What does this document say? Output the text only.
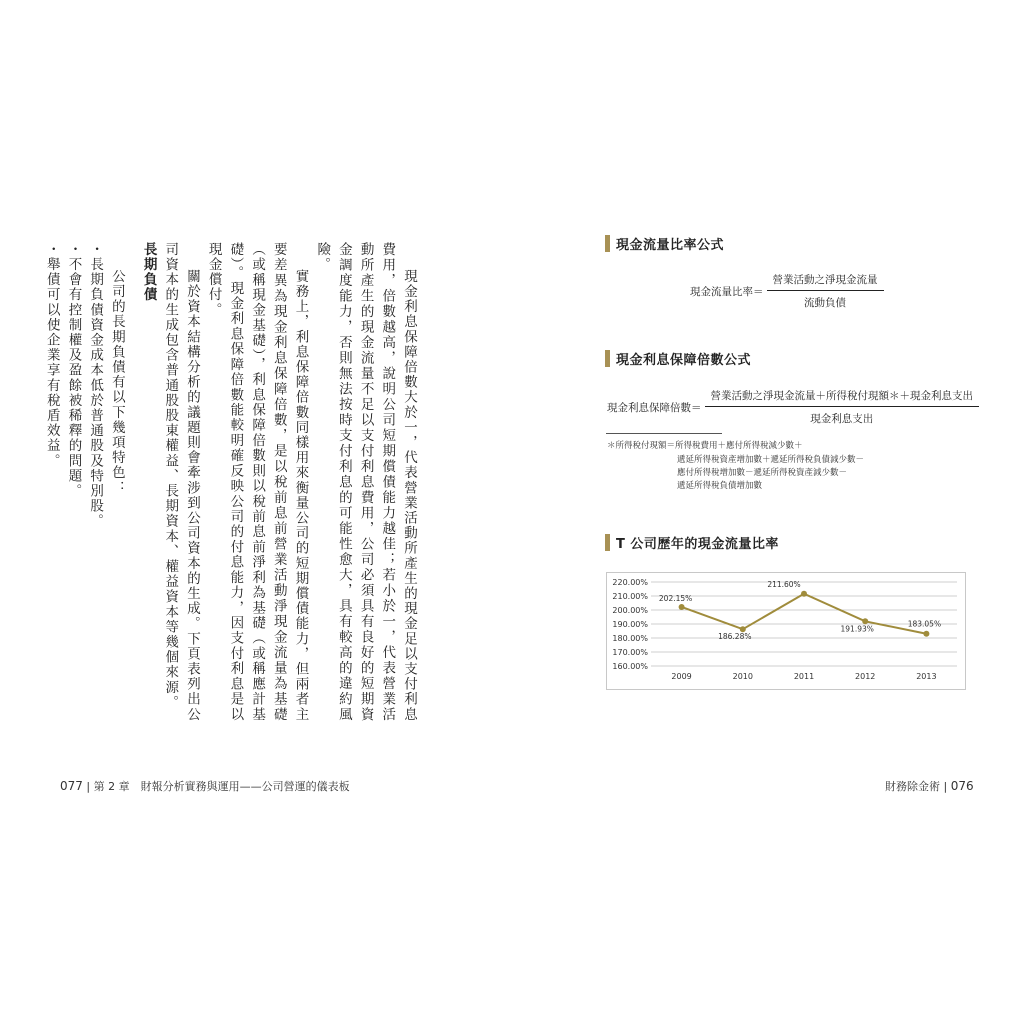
現金利息保障倍數大於一，代表營業活動所產生的現金足以支付利息費用，倍數越高，說明公司短期償債能力越佳；若小於一，代表營業活動所產生的現金流量不足以支付利息費用，公司必須具有良好的短期資金調度能力，否則無法按時支付利息的可能性愈大，具有較高的違約風險。

實務上，利息保障倍數同樣用來衡量公司的短期償債能力，但兩者主要差異為現金利息保障倍數，是以稅前息前營業活動淨現金流量為基礎（或稱現金基礎），利息保障倍數則以稅前息前淨利為基礎（或稱應計基礎）。現金利息保障倍數能較明確反映公司的付息能力，因支付利息是以現金償付。

關於資本結構分析的議題則會牽涉到公司資本的生成。下頁表列出公司資本的生成包含普通股股東權益、長期資本、權益資本等幾個來源。

長期負債

公司的長期負債有以下幾項特色：

・長期負債資金成本低於普通股及特別股。

・不會有控制權及盈餘被稀釋的問題。

・舉債可以使企業享有稅盾效益。

077 | 第 2 章　財報分析實務與運用——公司營運的儀表板
現金流量比率公式
現金流量比率＝ $\frac{\text{營業活動之淨現金流量}}{\text{流動負債}}$
現金利息保障倍數公式
現金利息保障倍數＝ $\frac{\text{營業活動之淨現金流量＋所得稅付現額＊＋現金利息支出}}{\text{現金利息支出}}$
＊所得稅付現額＝所得稅費用＋應付所得稅減少數＋
遞延所得稅資產增加數＋遞延所得稅負債減少數－
應付所得稅增加數－遞延所得稅資產減少數－
遞延所得稅負債增加數
T 公司歷年的現金流量比率
220.00%
210.00%
200.00%
190.00%
180.00%
170.00%
160.00%
2009	2010	2011	2012	2013
202.15%
186.28%
211.60%
191.93%
183.05%
財務除金術 | 076
